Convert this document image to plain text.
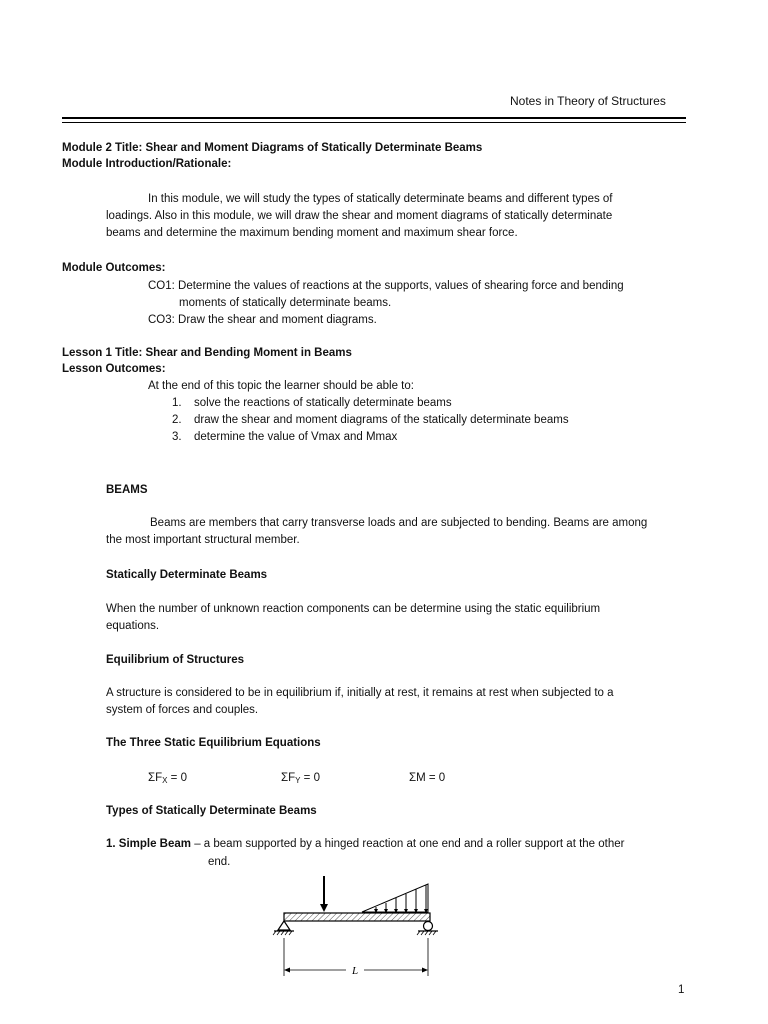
Notes in Theory of Structures
Module 2 Title: Shear and Moment Diagrams of Statically Determinate Beams
Module Introduction/Rationale:
In this module, we will study the types of statically determinate beams and different types of
loadings. Also in this module, we will draw the shear and moment diagrams of statically determinate
beams and determine the maximum bending moment and maximum shear force.
Module Outcomes:
CO1: Determine the values of reactions at the supports, values of shearing force and bending
moments of statically determinate beams.
CO3: Draw the shear and moment diagrams.
Lesson 1 Title: Shear and Bending Moment in Beams
Lesson Outcomes:
At the end of this topic the learner should be able to:
1. solve the reactions of statically determinate beams
2. draw the shear and moment diagrams of the statically determinate beams
3. determine the value of Vmax and Mmax
BEAMS
Beams are members that carry transverse loads and are subjected to bending. Beams are among
the most important structural member.
Statically Determinate Beams
When the number of unknown reaction components can be determine using the static equilibrium
equations.
Equilibrium of Structures
A structure is considered to be in equilibrium if, initially at rest, it remains at rest when subjected to a
system of forces and couples.
The Three Static Equilibrium Equations
$\Sigma F_X = 0$	$\Sigma F_Y = 0$	ΣM = 0
Types of Statically Determinate Beams
1. Simple Beam – a beam supported by a hinged reaction at one end and a roller support at the other
end.
L
1
